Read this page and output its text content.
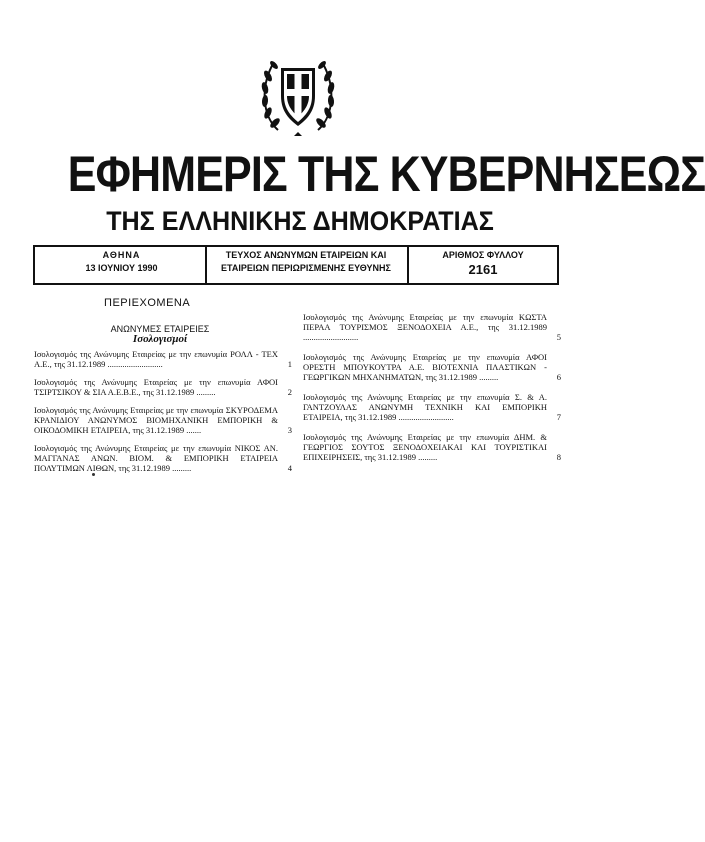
ΕΦΗΜΕΡΙΣ ΤΗΣ ΚΥΒΕΡΝΗΣΕΩΣ
ΤΗΣ ΕΛΛΗΝΙΚΗΣ ΔΗΜΟΚΡΑΤΙΑΣ
ΑΘΗΝΑ
13 ΙΟΥΝΙΟΥ 1990
ΤΕΥΧΟΣ ΑΝΩΝΥΜΩΝ ΕΤΑΙΡΕΙΩΝ ΚΑΙ
ΕΤΑΙΡΕΙΩΝ ΠΕΡΙΩΡΙΣΜΕΝΗΣ ΕΥΘΥΝΗΣ
ΑΡΙΘΜΟΣ ΦΥΛΛΟΥ
2161
ΠΕΡΙΕΧΟΜΕΝΑ
ΑΝΩΝΥΜΕΣ ΕΤΑΙΡΕΙΕΣ
Ισολογισμοί
Ισολογισμός της Ανώνυμης Εταιρείας με την επωνυμία ΡΟΛΛ - ΤΕΧ Α.Ε., της 31.12.1989 ..........................	1
Ισολογισμός της Ανώνυμης Εταιρείας με την επωνυμία ΑΦΟΙ ΤΣΙΡΤΣΙΚΟΥ & ΣΙΑ Α.Ε.Β.Ε., της 31.12.1989 .........	2
Ισολογισμός της Ανώνυμης Εταιρείας με την επωνυμία ΣΚΥΡΟΔΕΜΑ ΚΡΑΝΙΔΙΟΥ ΑΝΩΝΥΜΟΣ ΒΙΟΜΗΧΑΝΙΚΗ ΕΜΠΟΡΙΚΗ & ΟΙΚΟΔΟΜΙΚΗ ΕΤΑΙΡΕΙΑ, της 31.12.1989 .......	3
Ισολογισμός της Ανώνυμης Εταιρείας με την επωνυμία ΝΙΚΟΣ ΑΝ. ΜΑΓΓΑΝΑΣ ΑΝΩΝ. ΒΙΟΜ. & ΕΜΠΟΡΙΚΗ ΕΤΑΙΡΕΙΑ ΠΟΛΥΤΙΜΩΝ ΛΙΘΩΝ, της 31.12.1989 .........	4
Ισολογισμός της Ανώνυμης Εταιρείας με την επωνυμία ΚΩΣΤΑ ΠΕΡΑΑ ΤΟΥΡΙΣΜΟΣ ΞΕΝΟΔΟΧΕΙΑ Α.Ε., της 31.12.1989 ..........................	5
Ισολογισμός της Ανώνυμης Εταιρείας με την επωνυμία ΑΦΟΙ ΟΡΕΣΤΗ ΜΠΟΥΚΟΥΤΡΑ Α.Ε. ΒΙΟΤΕΧΝΙΑ ΠΛΑΣΤΙΚΩΝ - ΓΕΩΡΓΙΚΩΝ ΜΗΧΑΝΗΜΑΤΩΝ, της 31.12.1989 .........	6
Ισολογισμός της Ανώνυμης Εταιρείας με την επωνυμία Σ. & Α. ΓΑΝΤΖΟΥΛΑΣ ΑΝΩΝΥΜΗ ΤΕΧΝΙΚΗ ΚΑΙ ΕΜΠΟΡΙΚΗ ΕΤΑΙΡΕΙΑ, της 31.12.1989 ..........................	7
Ισολογισμός της Ανώνυμης Εταιρείας με την επωνυμία ΔΗΜ. & ΓΕΩΡΓΙΟΣ ΣΟΥΤΟΣ ΞΕΝΟΔΟΧΕΙΑΚΑΙ ΚΑΙ ΤΟΥΡΙΣΤΙΚΑΙ ΕΠΙΧΕΙΡΗΣΕΙΣ, της 31.12.1989 .........	8
